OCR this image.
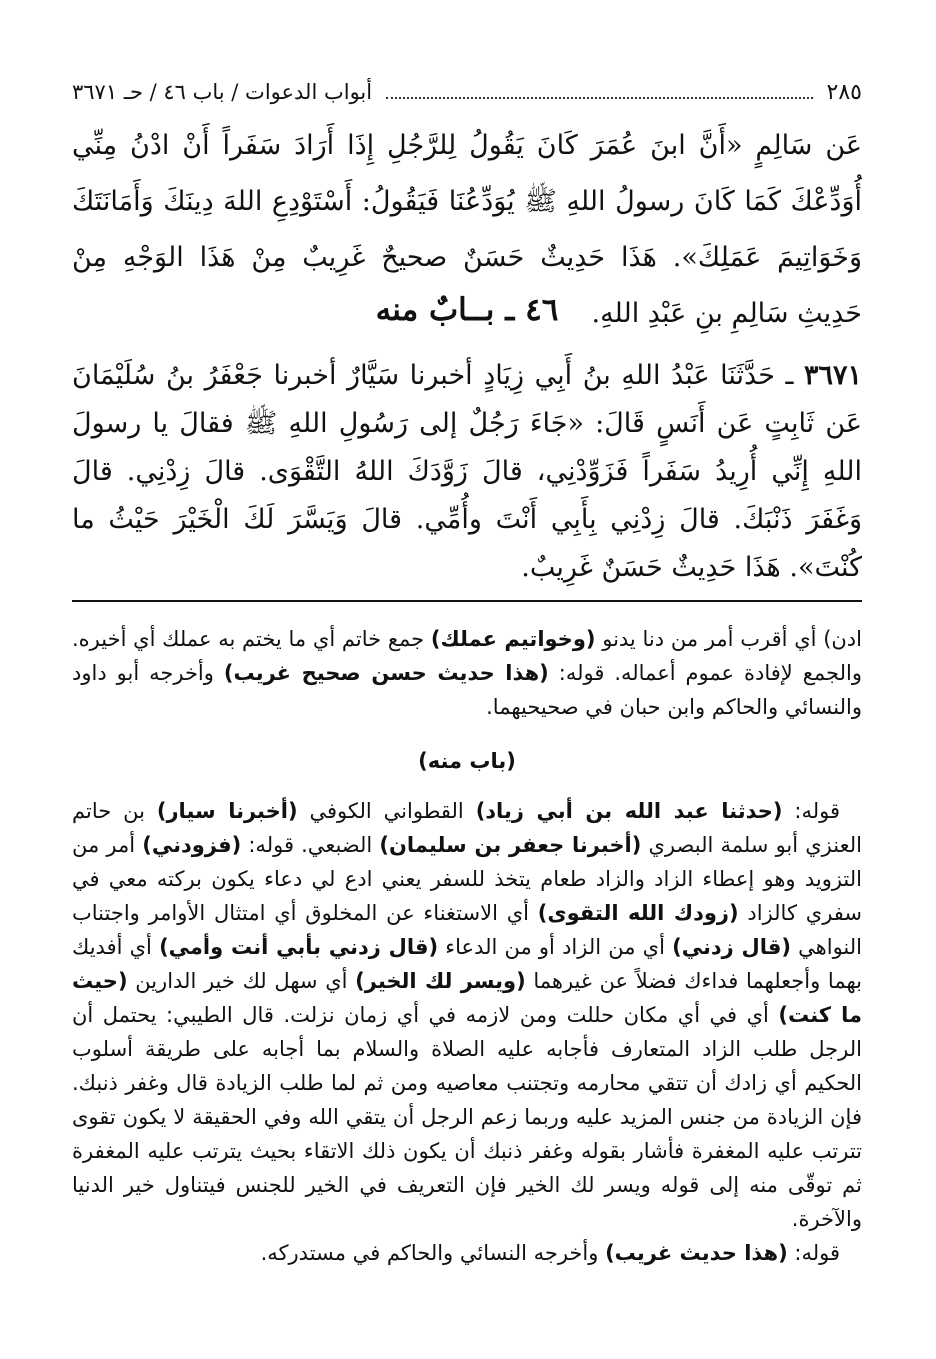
أبواب الدعوات / باب ٤٦ / حـ ٣٦٧١	٢٨٥

عَن سَالِمٍ «أَنَّ ابنَ عُمَرَ كَانَ يَقُولُ لِلرَّجُلِ إِذَا أَرَادَ سَفَراً أَنْ ادْنُ مِنِّي أُوَدِّعْكَ كَمَا كَانَ رسولُ اللهِ ﷺ يُوَدِّعُنَا فَيَقُولُ: أَسْتَوْدِعِ اللهَ دِينَكَ وَأَمَانَتَكَ وَخَوَاتِيمَ عَمَلِكَ». هَذَا حَدِيثٌ حَسَنٌ صحيحٌ غَرِيبٌ مِنْ هَذَا الوَجْهِ مِنْ حَدِيثِ سَالِمِ بنِ عَبْدِ اللهِ.

٤٦ ـ بــابٌ منه
٣٦٧١ ـ حَدَّثَنَا عَبْدُ اللهِ بنُ أَبِي زِيَادٍ أخبرنا سَيَّارٌ أخبرنا جَعْفَرُ بنُ سُلَيْمَانَ عَن ثَابِتٍ عَن أَنَسٍ قَالَ: «جَاءَ رَجُلٌ إلى رَسُولِ اللهِ ﷺ فقالَ يا رسولَ اللهِ إِنِّي أُرِيدُ سَفَراً فَزَوِّدْنِي، قالَ زَوَّدَكَ اللهُ التَّقْوَى. قالَ زِدْنِي. قالَ وَغَفَرَ ذَنْبَكَ. قالَ زِدْنِي بِأَبِي أَنْتَ وأُمِّي. قالَ وَيَسَّرَ لَكَ الْخَيْرَ حَيْثُ ما كُنْتَ». هَذَا حَدِيثٌ حَسَنٌ غَرِيبٌ.

ادن) أي أقرب أمر من دنا يدنو (وخواتيم عملك) جمع خاتم أي ما يختم به عملك أي أخيره. والجمع لإفادة عموم أعماله. قوله: (هذا حديث حسن صحيح غريب) وأخرجه أبو داود والنسائي والحاكم وابن حبان في صحيحيهما.

(باب منه)

قوله: (حدثنا عبد الله بن أبي زياد) القطواني الكوفي (أخبرنا سيار) بن حاتم العنزي أبو سلمة البصري (أخبرنا جعفر بن سليمان) الضبعي. قوله: (فزودني) أمر من التزويد وهو إعطاء الزاد والزاد طعام يتخذ للسفر يعني ادع لي دعاء يكون بركته معي في سفري كالزاد (زودك الله التقوى) أي الاستغناء عن المخلوق أي امتثال الأوامر واجتناب النواهي (قال زدني) أي من الزاد أو من الدعاء (قال زدني بأبي أنت وأمي) أي أفديك بهما وأجعلهما فداءك فضلاً عن غيرهما (ويسر لك الخير) أي سهل لك خير الدارين (حيث ما كنت) أي في أي مكان حللت ومن لازمه في أي زمان نزلت. قال الطيبي: يحتمل أن الرجل طلب الزاد المتعارف فأجابه عليه الصلاة والسلام بما أجابه على طريقة أسلوب الحكيم أي زادك أن تتقي محارمه وتجتنب معاصيه ومن ثم لما طلب الزيادة قال وغفر ذنبك. فإن الزيادة من جنس المزيد عليه وربما زعم الرجل أن يتقي الله وفي الحقيقة لا يكون تقوى تترتب عليه المغفرة فأشار بقوله وغفر ذنبك أن يكون ذلك الاتقاء بحيث يترتب عليه المغفرة ثم توقّى منه إلى قوله ويسر لك الخير فإن التعريف في الخير للجنس فيتناول خير الدنيا والآخرة.

قوله: (هذا حديث غريب) وأخرجه النسائي والحاكم في مستدركه.
